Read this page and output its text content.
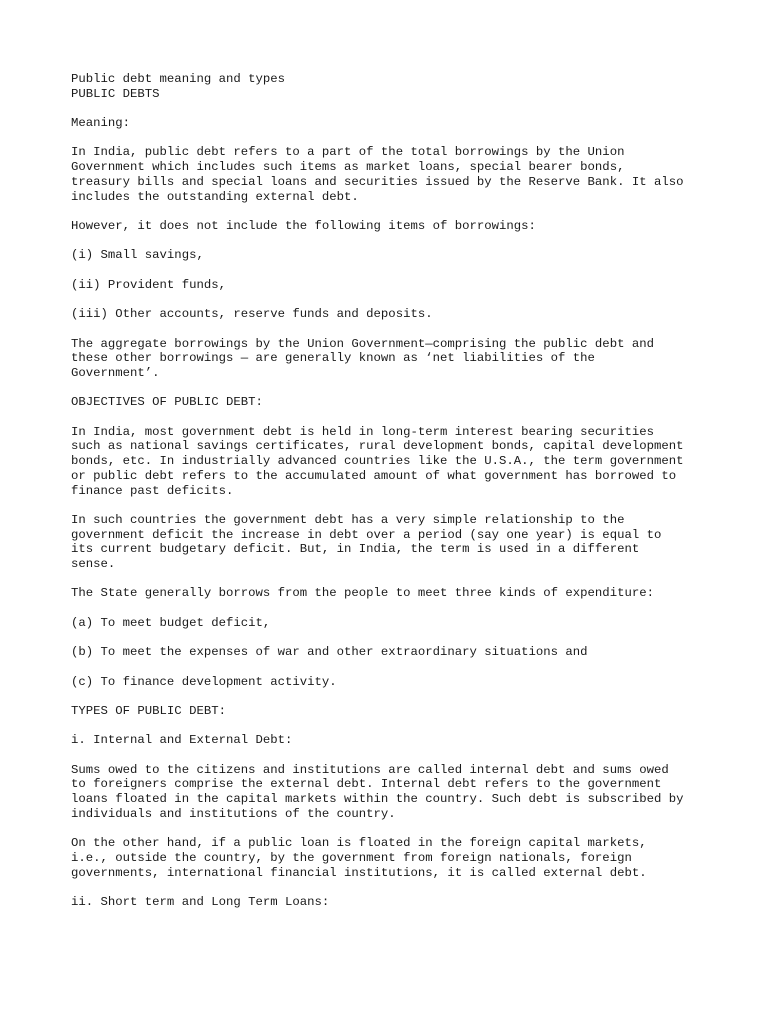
Public debt meaning and types
PUBLIC DEBTS
Meaning:
In India, public debt refers to a part of the total borrowings by the Union
Government which includes such items as market loans, special bearer bonds,
treasury bills and special loans and securities issued by the Reserve Bank. It also
includes the outstanding external debt.
However, it does not include the following items of borrowings:
(i) Small savings,
(ii) Provident funds,
(iii) Other accounts, reserve funds and deposits.
The aggregate borrowings by the Union Government—comprising the public debt and
these other borrowings — are generally known as ‘net liabilities of the
Government’.
OBJECTIVES OF PUBLIC DEBT:
In India, most government debt is held in long-term interest bearing securities
such as national savings certificates, rural development bonds, capital development
bonds, etc. In industrially advanced countries like the U.S.A., the term government
or public debt refers to the accumulated amount of what government has borrowed to
finance past deficits.
In such countries the government debt has a very simple relationship to the
government deficit the increase in debt over a period (say one year) is equal to
its current budgetary deficit. But, in India, the term is used in a different
sense.
The State generally borrows from the people to meet three kinds of expenditure:
(a) To meet budget deficit,
(b) To meet the expenses of war and other extraordinary situations and
(c) To finance development activity.
TYPES OF PUBLIC DEBT:
i. Internal and External Debt:
Sums owed to the citizens and institutions are called internal debt and sums owed
to foreigners comprise the external debt. Internal debt refers to the government
loans floated in the capital markets within the country. Such debt is subscribed by
individuals and institutions of the country.
On the other hand, if a public loan is floated in the foreign capital markets,
i.e., outside the country, by the government from foreign nationals, foreign
governments, international financial institutions, it is called external debt.
ii. Short term and Long Term Loans:
